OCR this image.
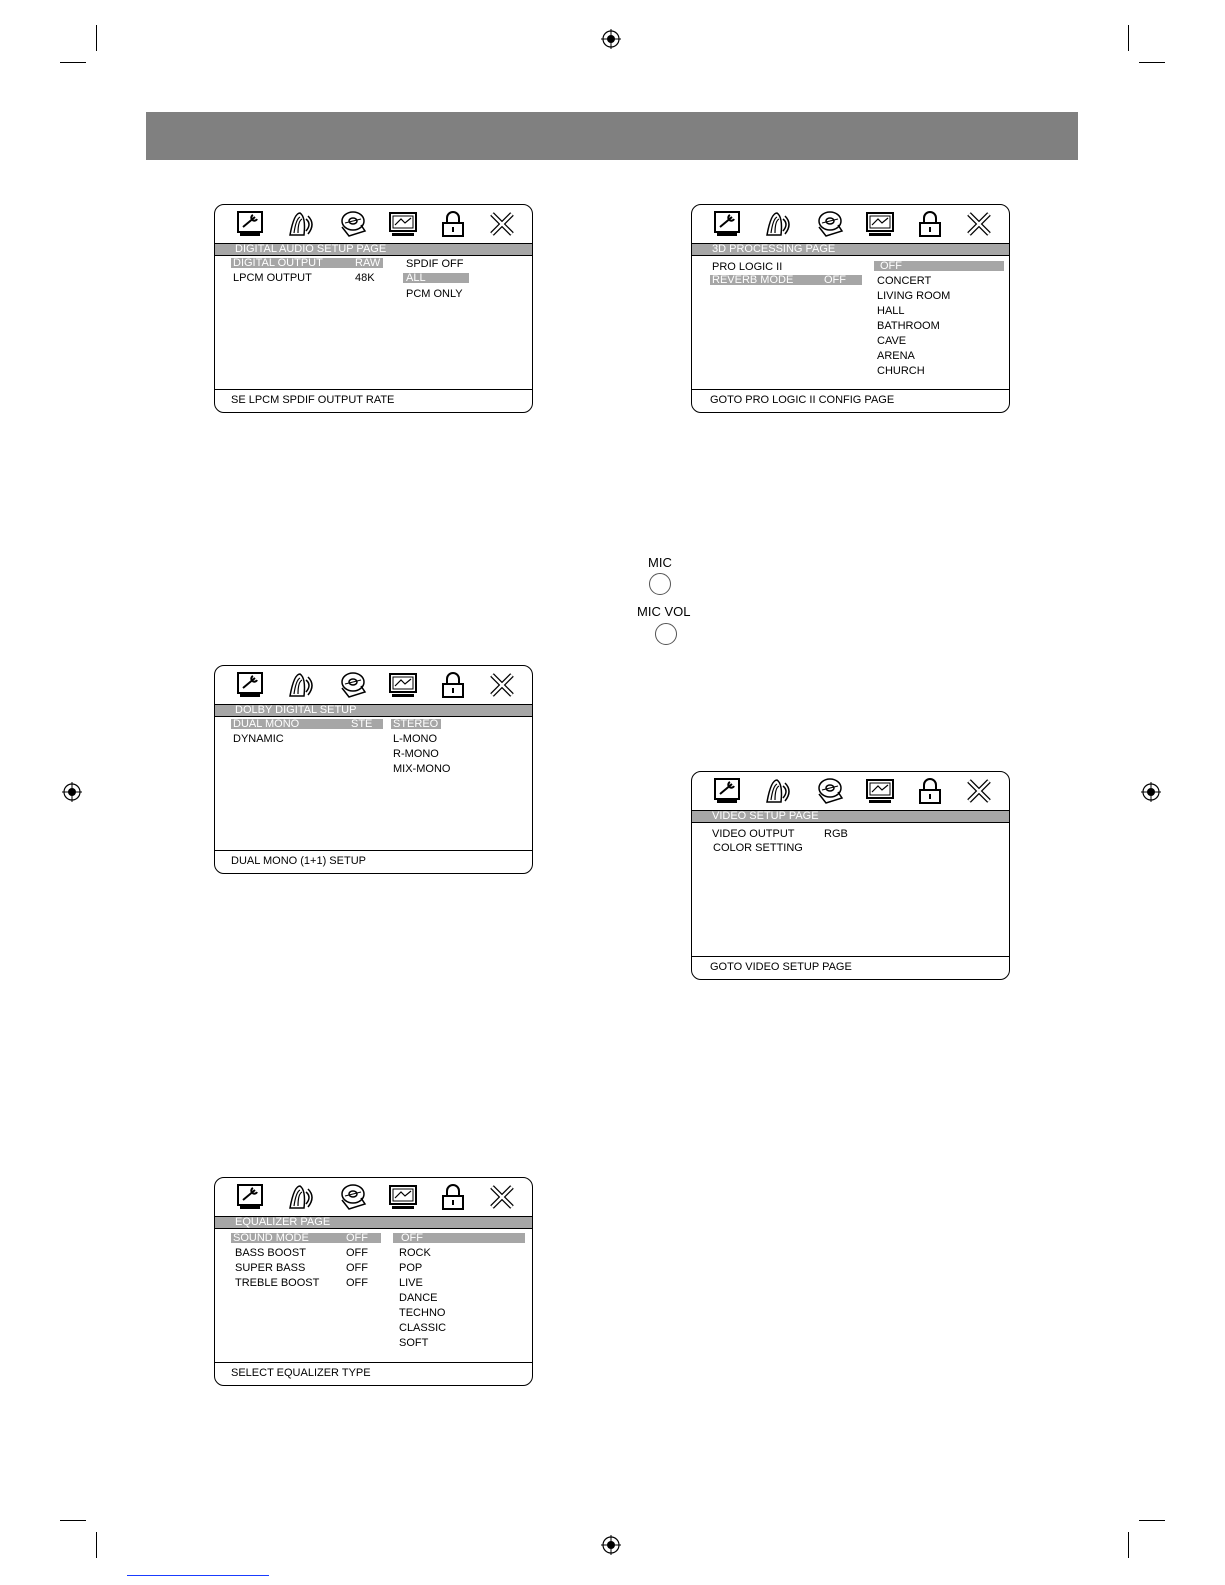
DIGITAL AUDIO SETUP PAGE
DIGITAL OUTPUT	RAW
LPCM OUTPUT	48K
SPDIF OFF
ALL
PCM ONLY
SE LPCM SPDIF OUTPUT RATE
3D PROCESSING PAGE
PRO LOGIC II
REVERB MODE	OFF
OFF
CONCERT
LIVING ROOM
HALL
BATHROOM
CAVE
ARENA
CHURCH
GOTO PRO LOGIC II CONFIG PAGE
MIC
MIC VOL
DOLBY DIGITAL SETUP
DUAL MONO	STE
DYNAMIC
STEREO
L-MONO
R-MONO
MIX-MONO
DUAL MONO (1+1) SETUP
VIDEO SETUP PAGE
VIDEO OUTPUT	RGB
COLOR SETTING
GOTO VIDEO SETUP PAGE
EQUALIZER PAGE
SOUND MODE	OFF
BASS BOOST	OFF
SUPER BASS	OFF
TREBLE BOOST OFF
OFF
ROCK
POP
LIVE
DANCE
TECHNO
CLASSIC
SOFT
SELECT EQUALIZER TYPE
